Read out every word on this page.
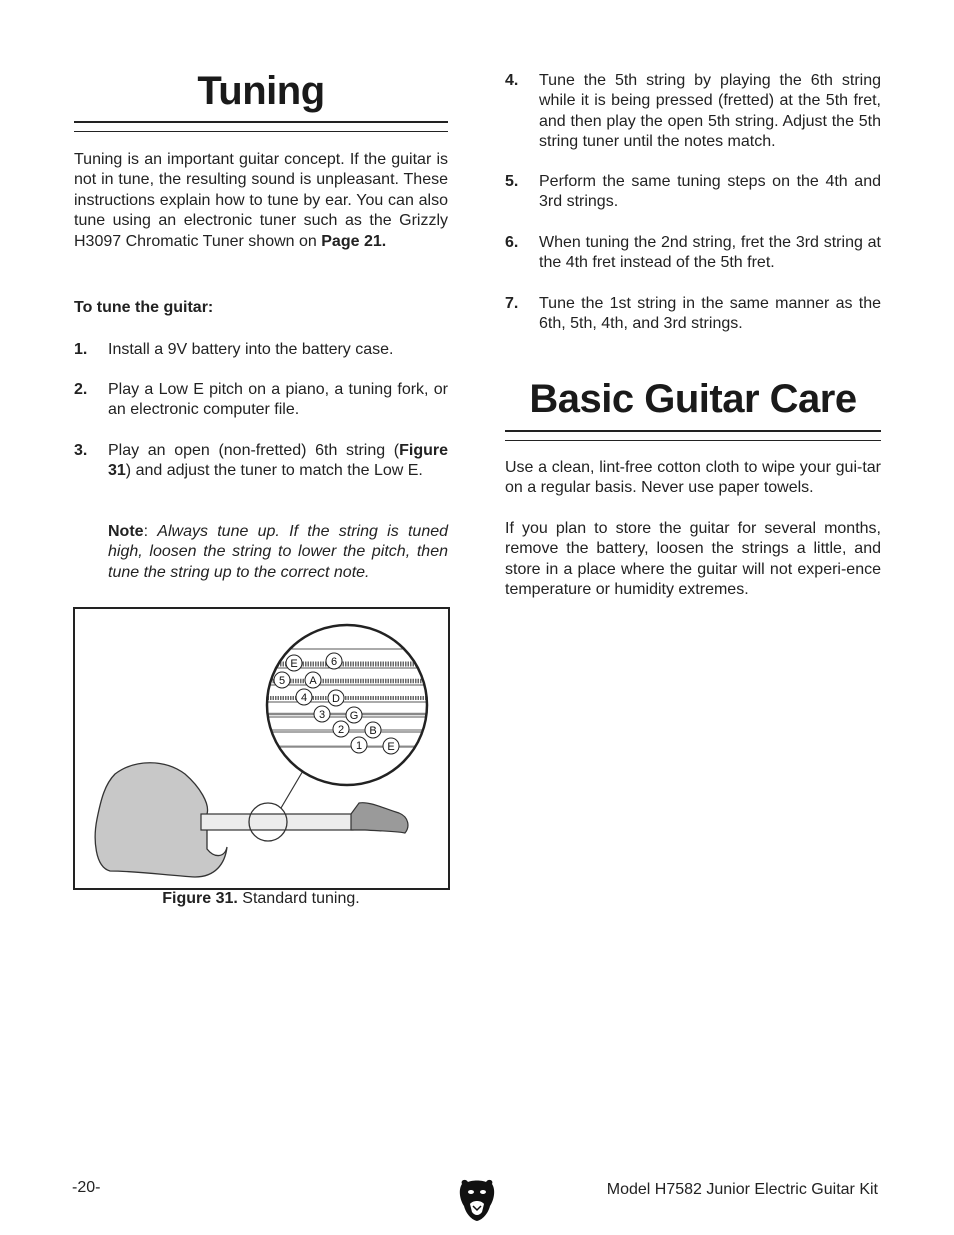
Tuning
Tuning is an important guitar concept. If the guitar is not in tune, the resulting sound is unpleasant. These instructions explain how to tune by ear. You can also tune using an electronic tuner such as the Grizzly H3097 Chromatic Tuner shown on Page 21.
To tune the guitar:
1. Install a 9V battery into the battery case.
2. Play a Low E pitch on a piano, a tuning fork, or an electronic computer file.
3. Play an open (non-fretted) 6th string (Figure 31) and adjust the tuner to match the Low E.
Note: Always tune up. If the string is tuned high, loosen the string to lower the pitch, then tune the string up to the correct note.
6
E
5 A
4 D
3 G
2 B
1 E
Figure 31. Standard tuning.
4. Tune the 5th string by playing the 6th string while it is being pressed (fretted) at the 5th fret, and then play the open 5th string. Adjust the 5th string tuner until the notes match.
5. Perform the same tuning steps on the 4th and 3rd strings.
6. When tuning the 2nd string, fret the 3rd string at the 4th fret instead of the 5th fret.
7. Tune the 1st string in the same manner as the 6th, 5th, 4th, and 3rd strings.
Basic Guitar Care
Use a clean, lint-free cotton cloth to wipe your gui-tar on a regular basis. Never use paper towels.
If you plan to store the guitar for several months, remove the battery, loosen the strings a little, and store in a place where the guitar will not experi-ence temperature or humidity extremes.
-20-	Model H7582 Junior Electric Guitar Kit
